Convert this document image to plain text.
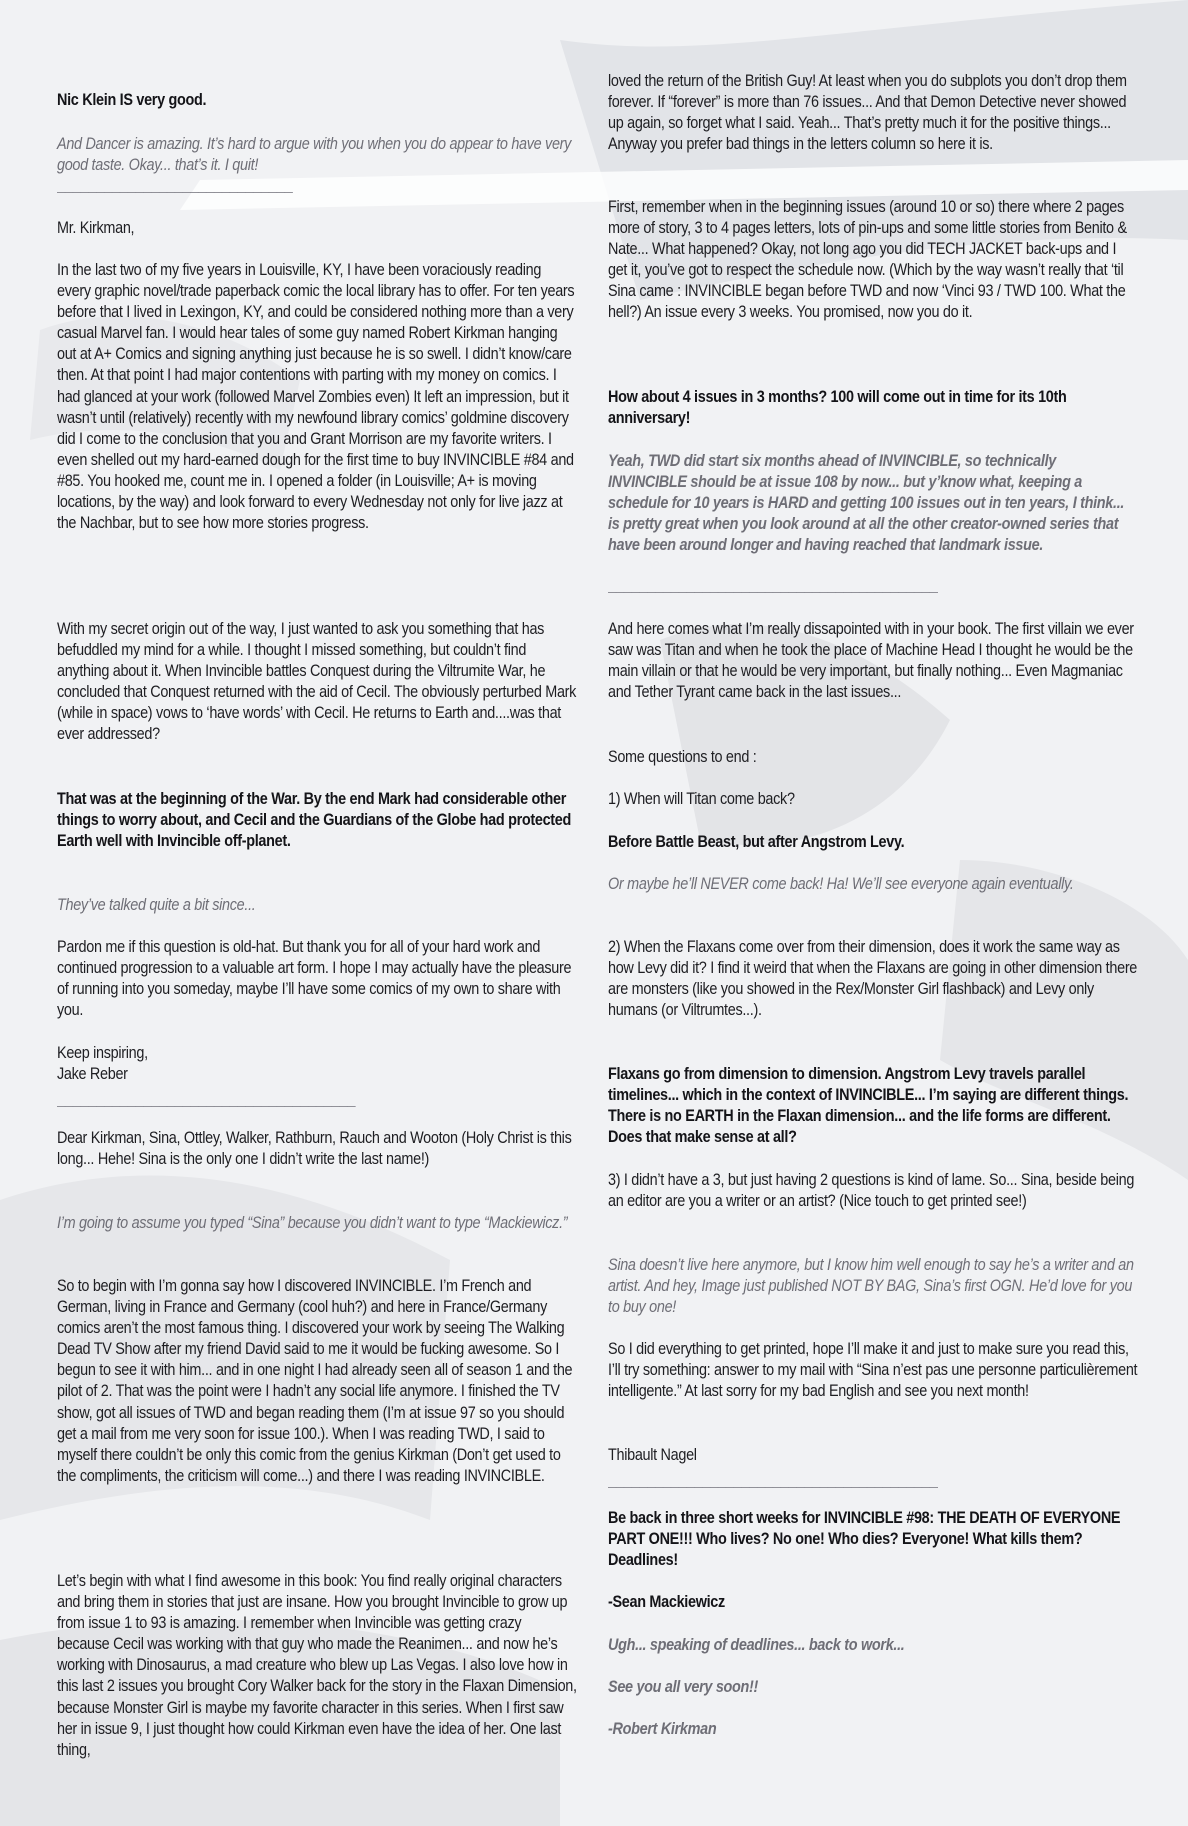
Nic Klein IS very good.

And Dancer is amazing. It’s hard to argue with you when you do appear to have very good taste. Okay... that’s it. I quit!

______________________________

Mr. Kirkman,

In the last two of my five years in Louisville, KY, I have been voraciously reading every graphic novel/trade paperback comic the local library has to offer. For ten years before that I lived in Lexingon, KY, and could be considered nothing more than a very casual Marvel fan. I would hear tales of some guy named Robert Kirkman hanging out at A+ Comics and signing anything just because he is so swell. I didn’t know/care then. At that point I had major contentions with parting with my money on comics. I had glanced at your work (followed Marvel Zombies even) It left an impression, but it wasn’t until (relatively) recently with my newfound library comics’ goldmine discovery did I come to the conclusion that you and Grant Morrison are my favorite writers. I even shelled out my hard-earned dough for the first time to buy INVINCIBLE #84 and #85. You hooked me, count me in. I opened a folder (in Louisville; A+ is moving locations, by the way) and look forward to every Wednesday not only for live jazz at the Nachbar, but to see how more stories progress.

With my secret origin out of the way, I just wanted to ask you something that has befuddled my mind for a while. I thought I missed something, but couldn’t find anything about it. When Invincible battles Conquest during the Viltrumite War, he concluded that Conquest returned with the aid of Cecil. The obviously perturbed Mark (while in space) vows to ‘have words’ with Cecil. He returns to Earth and....was that ever addressed?

That was at the beginning of the War. By the end Mark had considerable other things to worry about, and Cecil and the Guardians of the Globe had protected Earth well with Invincible off-planet.

They’ve talked quite a bit since...

Pardon me if this question is old-hat. But thank you for all of your hard work and continued progression to a valuable art form. I hope I may actually have the pleasure of running into you someday, maybe I’ll have some comics of my own to share with you.

Keep inspiring,

Jake Reber

______________________________________

Dear Kirkman, Sina, Ottley, Walker, Rathburn, Rauch and Wooton (Holy Christ is this long... Hehe! Sina is the only one I didn’t write the last name!)

I’m going to assume you typed “Sina” because you didn’t want to type “Mackiewicz.”

So to begin with I’m gonna say how I discovered INVINCIBLE. I’m French and German, living in France and Germany (cool huh?) and here in France/Germany comics aren’t the most famous thing. I discovered your work by seeing The Walking Dead TV Show after my friend David said to me it would be fucking awesome. So I begun to see it with him... and in one night I had already seen all of season 1 and the pilot of 2. That was the point were I hadn’t any social life anymore. I finished the TV show, got all issues of TWD and began reading them (I’m at issue 97 so you should get a mail from me very soon for issue 100.). When I was reading TWD, I said to myself there couldn’t be only this comic from the genius Kirkman (Don’t get used to the compliments, the criticism will come...) and there I was reading INVINCIBLE.

Let’s begin with what I find awesome in this book: You find really original characters and bring them in stories that just are insane. How you brought Invincible to grow up from issue 1 to 93 is amazing. I remember when Invincible was getting crazy because Cecil was working with that guy who made the Reanimen... and now he’s working with Dinosaurus, a mad creature who blew up Las Vegas. I also love how in this last 2 issues you brought Cory Walker back for the story in the Flaxan Dimension, because Monster Girl is maybe my favorite character in this series. When I first saw her in issue 9, I just thought how could Kirkman even have the idea of her. One last thing,

loved the return of the British Guy! At least when you do subplots you don’t drop them forever. If “forever” is more than 76 issues... And that Demon Detective never showed up again, so forget what I said. Yeah... That’s pretty much it for the positive things... Anyway you prefer bad things in the letters column so here it is.

First, remember when in the beginning issues (around 10 or so) there where 2 pages more of story, 3 to 4 pages letters, lots of pin-ups and some little stories from Benito & Nate... What happened? Okay, not long ago you did TECH JACKET back-ups and I get it, you’ve got to respect the schedule now. (Which by the way wasn’t really that ‘til Sina came : INVINCIBLE began before TWD and now ‘Vinci 93 / TWD 100. What the hell?) An issue every 3 weeks. You promised, now you do it.

How about 4 issues in 3 months? 100 will come out in time for its 10th anniversary!

Yeah, TWD did start six months ahead of INVINCIBLE, so technically INVINCIBLE should be at issue 108 by now... but y’know what, keeping a schedule for 10 years is HARD and getting 100 issues out in ten years, I think... is pretty great when you look around at all the other creator-owned series that have been around longer and having reached that landmark issue.

__________________________________________

And here comes what I’m really dissapointed with in your book. The first villain we ever saw was Titan and when he took the place of Machine Head I thought he would be the main villain or that he would be very important, but finally nothing... Even Magmaniac and Tether Tyrant came back in the last issues...

Some questions to end :

1) When will Titan come back?

Before Battle Beast, but after Angstrom Levy.

Or maybe he’ll NEVER come back! Ha! We’ll see everyone again eventually.

2) When the Flaxans come over from their dimension, does it work the same way as how Levy did it? I find it weird that when the Flaxans are going in other dimension there are monsters (like you showed in the Rex/Monster Girl flashback) and Levy only humans (or Viltrumtes...).

Flaxans go from dimension to dimension. Angstrom Levy travels parallel timelines... which in the context of INVINCIBLE... I’m saying are different things. There is no EARTH in the Flaxan dimension... and the life forms are different. Does that make sense at all?

3) I didn’t have a 3, but just having 2 questions is kind of lame. So... Sina, beside being an editor are you a writer or an artist? (Nice touch to get printed see!)

Sina doesn’t live here anymore, but I know him well enough to say he’s a writer and an artist. And hey, Image just published NOT BY BAG, Sina’s first OGN. He’d love for you to buy one!

So I did everything to get printed, hope I’ll make it and just to make sure you read this, I’ll try something: answer to my mail with “Sina n’est pas une personne particulièrement intelligente.” At last sorry for my bad English and see you next month!

Thibault Nagel

__________________________________________

Be back in three short weeks for INVINCIBLE #98: THE DEATH OF EVERYONE PART ONE!!! Who lives? No one! Who dies? Everyone! What kills them? Deadlines!

-Sean Mackiewicz

Ugh... speaking of deadlines... back to work...

See you all very soon!!

-Robert Kirkman
